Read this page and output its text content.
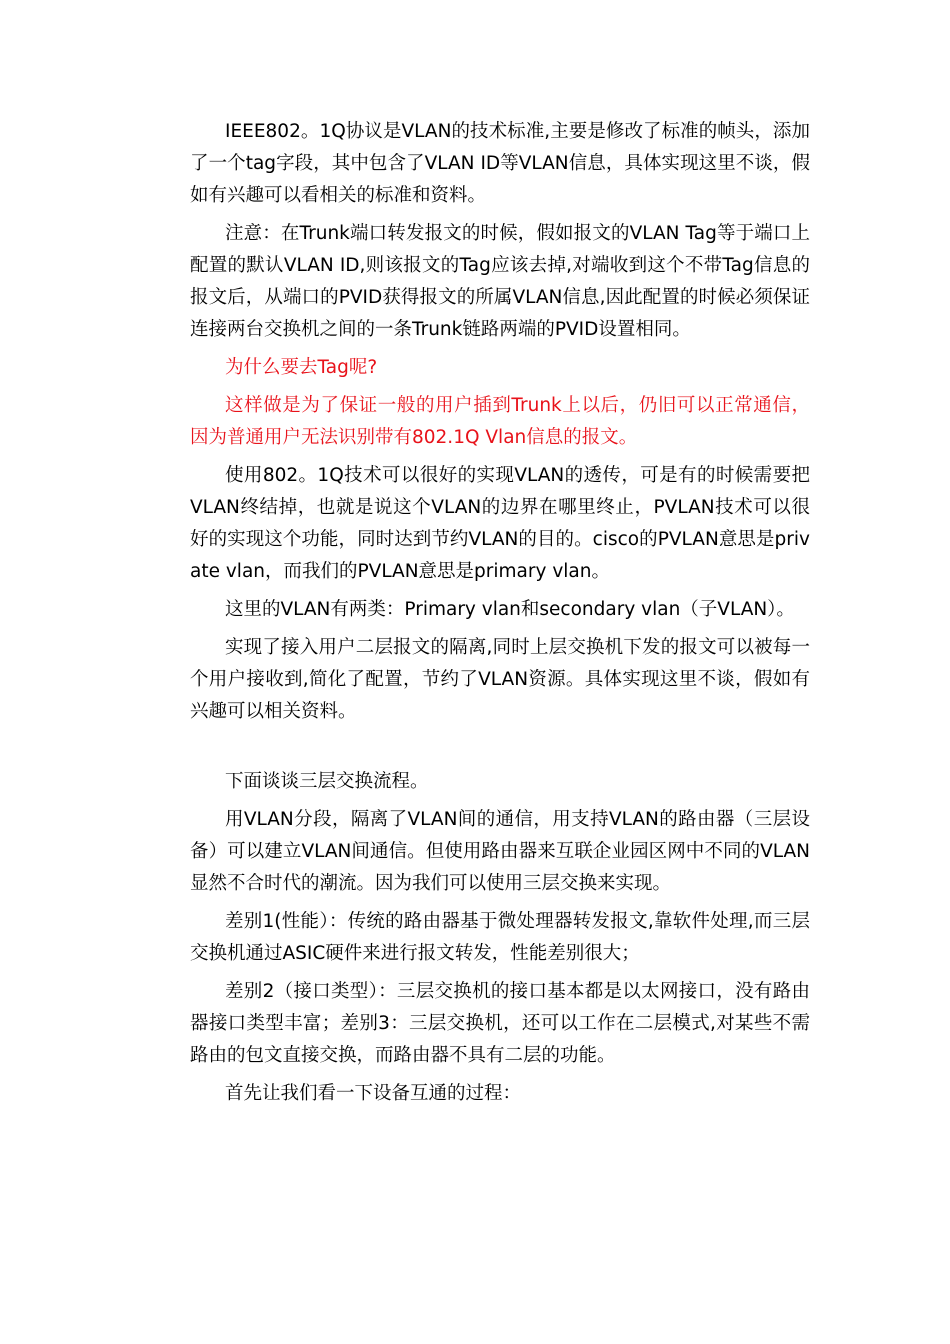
IEEE802。1Q协议是VLAN的技术标准,主要是修改了标准的帧头，添加了一个tag字段，其中包含了VLAN ID等VLAN信息，具体实现这里不谈，假如有兴趣可以看相关的标准和资料。

注意：在Trunk端口转发报文的时候，假如报文的VLAN Tag等于端口上配置的默认VLAN ID,则该报文的Tag应该去掉,对端收到这个不带Tag信息的报文后，从端口的PVID获得报文的所属VLAN信息,因此配置的时候必须保证连接两台交换机之间的一条Trunk链路两端的PVID设置相同。

为什么要去Tag呢?

这样做是为了保证一般的用户插到Trunk上以后，仍旧可以正常通信，因为普通用户无法识别带有802.1Q Vlan信息的报文。

使用802。1Q技术可以很好的实现VLAN的透传，可是有的时候需要把VLAN终结掉，也就是说这个VLAN的边界在哪里终止，PVLAN技术可以很好的实现这个功能，同时达到节约VLAN的目的。cisco的PVLAN意思是private vlan，而我们的PVLAN意思是primary vlan。

这里的VLAN有两类：Primary vlan和secondary vlan（子VLAN）。

实现了接入用户二层报文的隔离,同时上层交换机下发的报文可以被每一个用户接收到,简化了配置，节约了VLAN资源。具体实现这里不谈，假如有兴趣可以相关资料。

下面谈谈三层交换流程。

用VLAN分段，隔离了VLAN间的通信，用支持VLAN的路由器（三层设备）可以建立VLAN间通信。但使用路由器来互联企业园区网中不同的VLAN显然不合时代的潮流。因为我们可以使用三层交换来实现。

差别1(性能）：传统的路由器基于微处理器转发报文,靠软件处理,而三层交换机通过ASIC硬件来进行报文转发，性能差别很大；

差别2（接口类型）：三层交换机的接口基本都是以太网接口，没有路由器接口类型丰富；差别3：三层交换机，还可以工作在二层模式,对某些不需路由的包文直接交换，而路由器不具有二层的功能。

首先让我们看一下设备互通的过程：
